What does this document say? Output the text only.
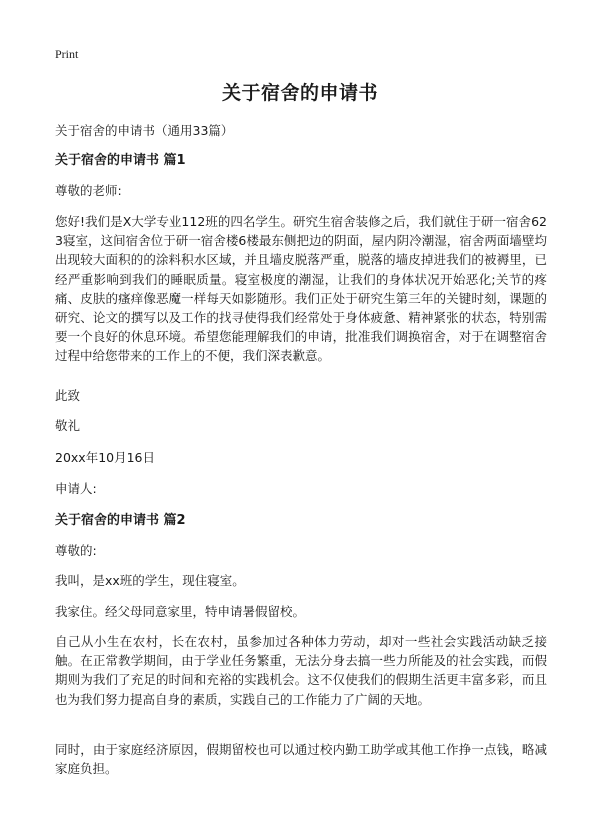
Print
关于宿舍的申请书
关于宿舍的申请书（通用33篇）
关于宿舍的申请书 篇1
尊敬的老师:
您好!我们是X大学专业112班的四名学生。研究生宿舍装修之后，我们就住于研一宿舍623寝室，这间宿舍位于研一宿舍楼6楼最东侧把边的阴面，屋内阴冷潮湿，宿舍两面墙壁均出现较大面积的的涂料积水区域，并且墙皮脱落严重，脱落的墙皮掉进我们的被褥里，已经严重影响到我们的睡眠质量。寝室极度的潮湿，让我们的身体状况开始恶化;关节的疼痛、皮肤的瘙痒像恶魔一样每天如影随形。我们正处于研究生第三年的关键时刻，课题的研究、论文的撰写以及工作的找寻使得我们经常处于身体疲惫、精神紧张的状态，特别需要一个良好的休息环境。希望您能理解我们的申请，批准我们调换宿舍，对于在调整宿舍过程中给您带来的工作上的不便，我们深表歉意。
此致
敬礼
20xx年10月16日
申请人:
关于宿舍的申请书 篇2
尊敬的:
我叫，是xx班的学生，现住寝室。
我家住。经父母同意家里，特申请暑假留校。
自己从小生在农村，长在农村，虽参加过各种体力劳动，却对一些社会实践活动缺乏接触。在正常教学期间，由于学业任务繁重，无法分身去搞一些力所能及的社会实践，而假期则为我们了充足的时间和充裕的实践机会。这不仅使我们的假期生活更丰富多彩，而且也为我们努力提高自身的素质，实践自己的工作能力了广阔的天地。
同时，由于家庭经济原因，假期留校也可以通过校内勤工助学或其他工作挣一点钱，略减家庭负担。
